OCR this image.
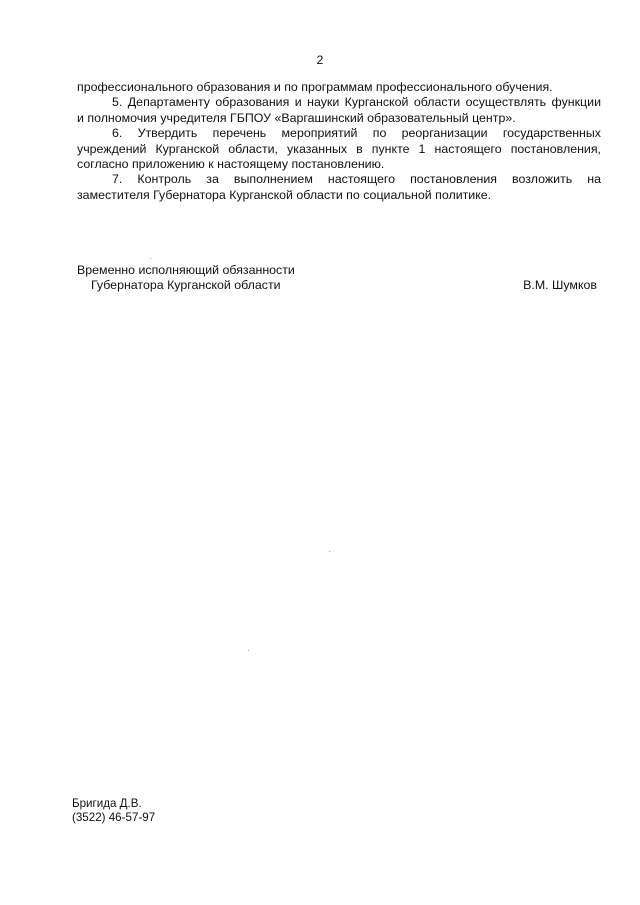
2
профессионального образования и по программам профессионального обучения.
5. Департаменту образования и науки Курганской области осуществлять функции
и полномочия учредителя ГБПОУ «Варгашинский образовательный центр».
6. Утвердить перечень мероприятий по реорганизации государственных
учреждений Курганской области, указанных в пункте 1 настоящего постановления,
согласно приложению к настоящему постановлению.
7. Контроль за выполнением настоящего постановления возложить на
заместителя Губернатора Курганской области по социальной политике.
Временно исполняющий обязанности
Губернатора Курганской области	В.М. Шумков
Бригида Д.В.
(3522) 46-57-97
